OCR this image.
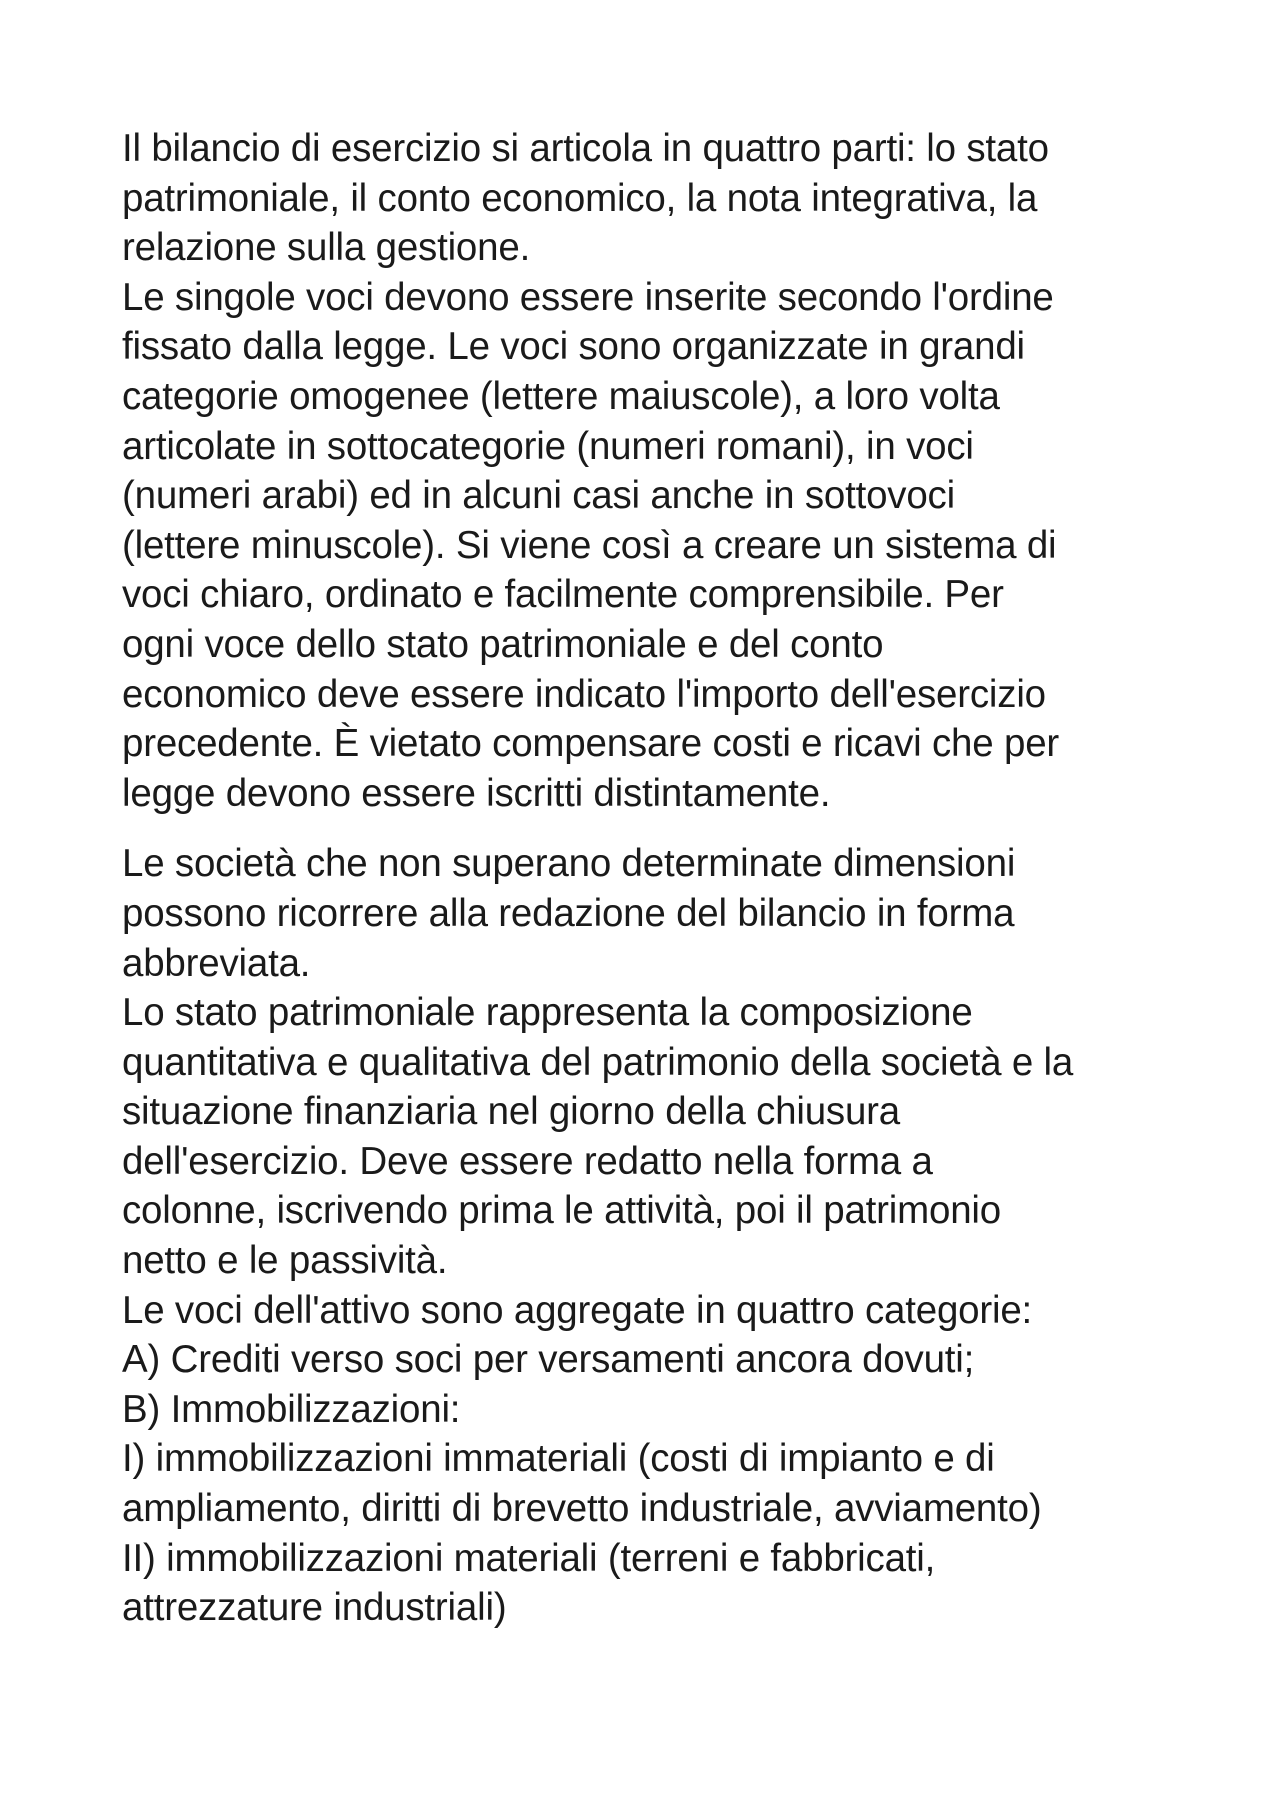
Il bilancio di esercizio si articola in quattro parti: lo stato
patrimoniale, il conto economico, la nota integrativa, la
relazione sulla gestione.
Le singole voci devono essere inserite secondo l'ordine
fissato dalla legge. Le voci sono organizzate in grandi
categorie omogenee (lettere maiuscole), a loro volta
articolate in sottocategorie (numeri romani), in voci
(numeri arabi) ed in alcuni casi anche in sottovoci
(lettere minuscole). Si viene così a creare un sistema di
voci chiaro, ordinato e facilmente comprensibile. Per
ogni voce dello stato patrimoniale e del conto
economico deve essere indicato l'importo dell'esercizio
precedente. È vietato compensare costi e ricavi che per
legge devono essere iscritti distintamente.
Le società che non superano determinate dimensioni
possono ricorrere alla redazione del bilancio in forma
abbreviata.
Lo stato patrimoniale rappresenta la composizione
quantitativa e qualitativa del patrimonio della società e la
situazione finanziaria nel giorno della chiusura
dell'esercizio. Deve essere redatto nella forma a
colonne, iscrivendo prima le attività, poi il patrimonio
netto e le passività.
Le voci dell'attivo sono aggregate in quattro categorie:
A) Crediti verso soci per versamenti ancora dovuti;
B) Immobilizzazioni:
I) immobilizzazioni immateriali (costi di impianto e di
ampliamento, diritti di brevetto industriale, avviamento)
II) immobilizzazioni materiali (terreni e fabbricati,
attrezzature industriali)
